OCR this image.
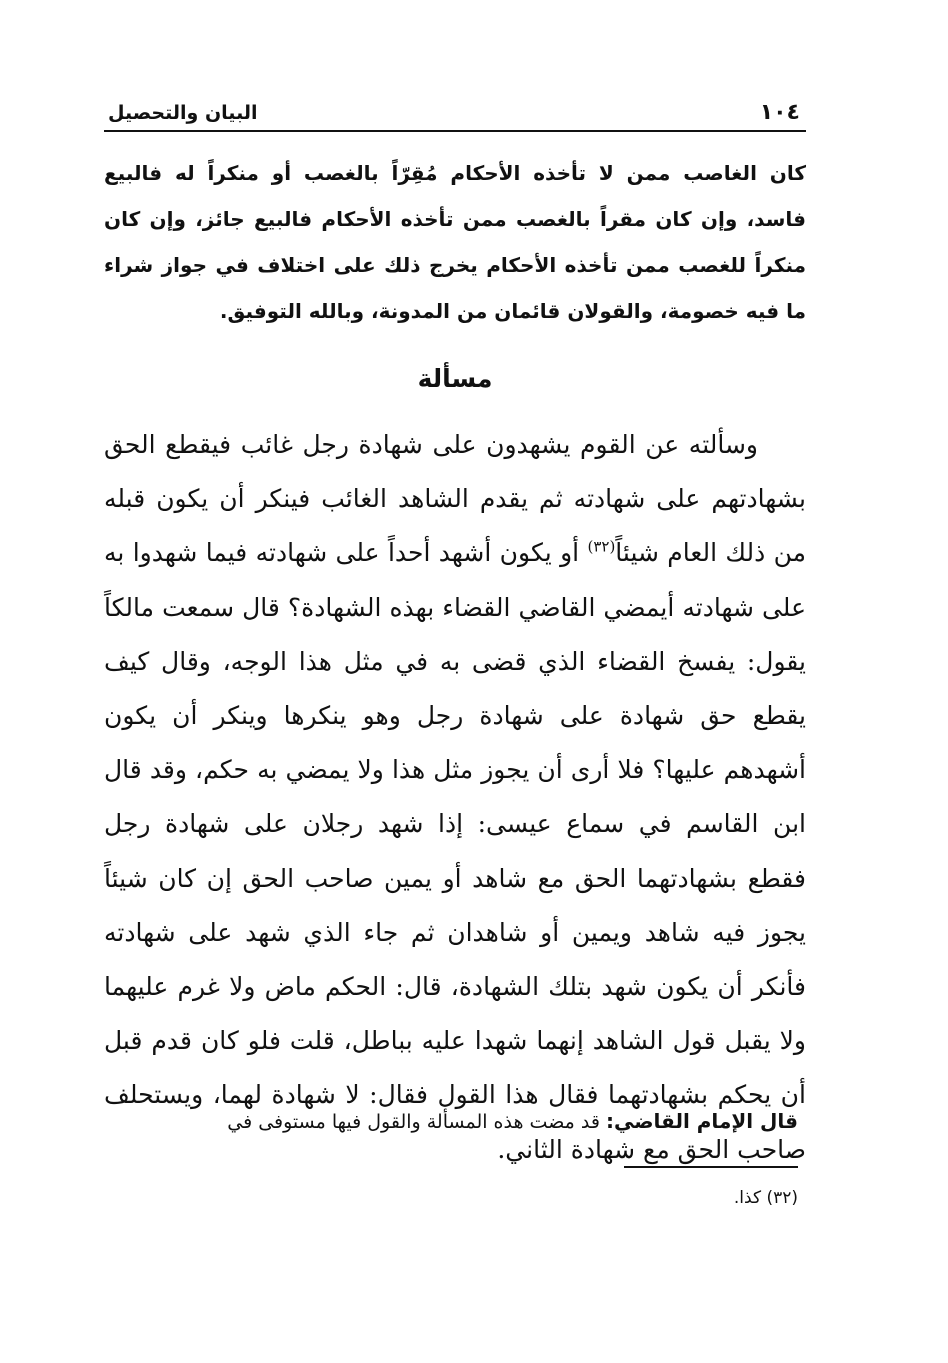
١٠٤
البيان والتحصيل

كان الغاصب ممن لا تأخذه الأحكام مُقِرّاً بالغصب أو منكراً له فالبيع فاسد، وإن كان مقراً بالغصب ممن تأخذه الأحكام فالبيع جائز، وإن كان منكراً للغصب ممن تأخذه الأحكام يخرج ذلك على اختلاف في جواز شراء ما فيه خصومة، والقولان قائمان من المدونة، وبالله التوفيق.

مسألة

وسألته عن القوم يشهدون على شهادة رجل غائب فيقطع الحق بشهادتهم على شهادته ثم يقدم الشاهد الغائب فينكر أن يكون قبله من ذلك العام شيئاً$^{(٣٢)}$ أو يكون أشهد أحداً على شهادته فيما شهدوا به على شهادته أيمضي القاضي القضاء بهذه الشهادة؟ قال سمعت مالكاً يقول: يفسخ القضاء الذي قضى به في مثل هذا الوجه، وقال كيف يقطع حق شهادة على شهادة رجل وهو ينكرها وينكر أن يكون أشهدهم عليها؟ فلا أرى أن يجوز مثل هذا ولا يمضي به حكم، وقد قال ابن القاسم في سماع عيسى: إذا شهد رجلان على شهادة رجل فقطع بشهادتهما الحق مع شاهد أو يمين صاحب الحق إن كان شيئاً يجوز فيه شاهد ويمين أو شاهدان ثم جاء الذي شهد على شهادته فأنكر أن يكون شهد بتلك الشهادة، قال: الحكم ماض ولا غرم عليهما ولا يقبل قول الشاهد إنهما شهدا عليه بباطل، قلت فلو كان قدم قبل أن يحكم بشهادتهما فقال هذا القول فقال: لا شهادة لهما، ويستحلف صاحب الحق مع شهادة الثاني.

قال الإمام القاضي: قد مضت هذه المسألة والقول فيها مستوفى في

(٣٢) كذا.
